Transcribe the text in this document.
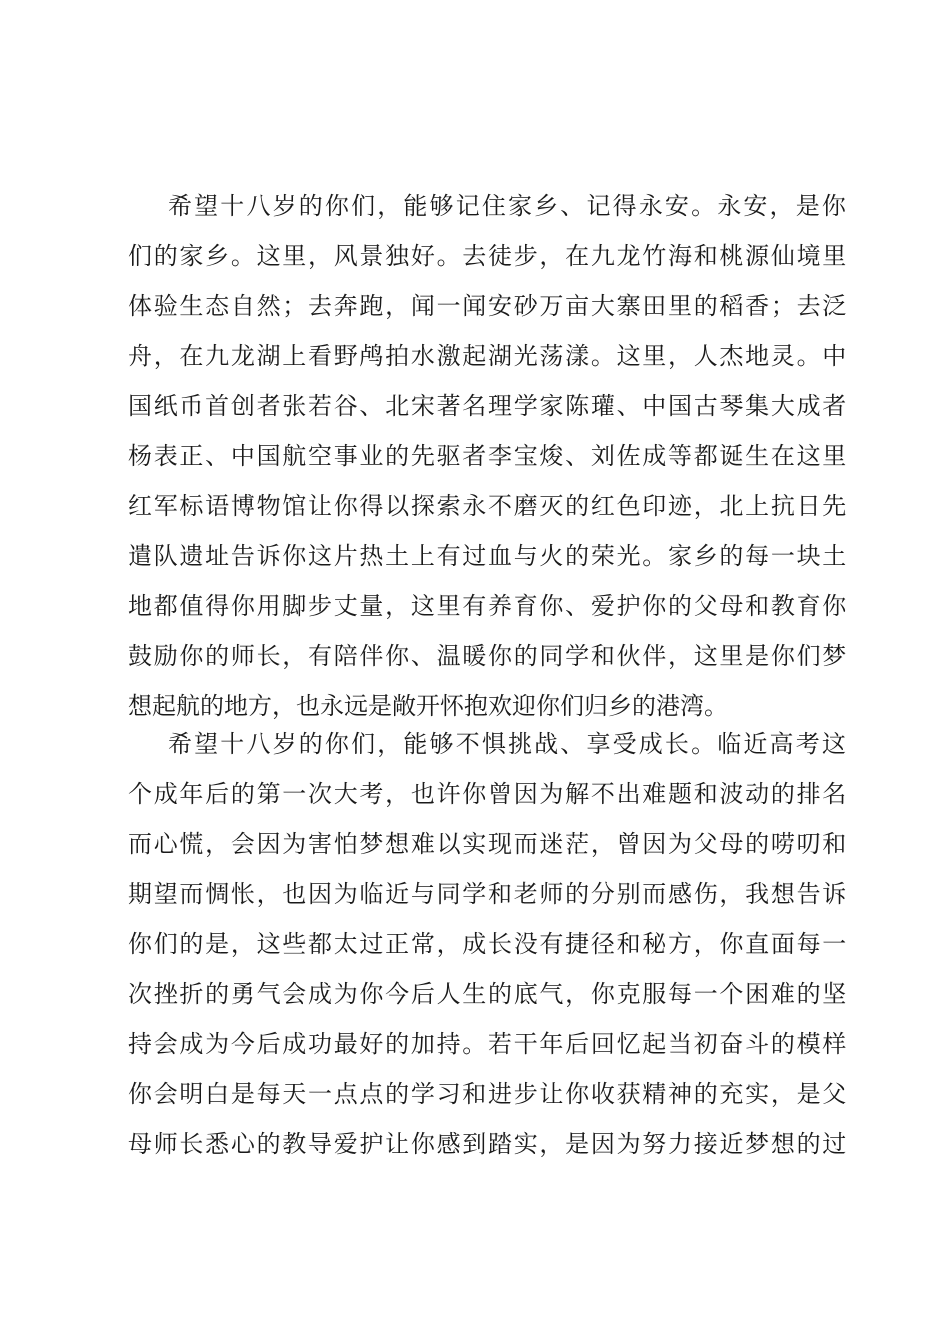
希望十八岁的你们，能够记住家乡、记得永安。永安，是你
们的家乡。这里，风景独好。去徒步，在九龙竹海和桃源仙境里
体验生态自然；去奔跑，闻一闻安砂万亩大寨田里的稻香；去泛
舟，在九龙湖上看野鸬拍水激起湖光荡漾。这里，人杰地灵。中
国纸币首创者张若谷、北宋著名理学家陈瓘、中国古琴集大成者
杨表正、中国航空事业的先驱者李宝焌、刘佐成等都诞生在这里
红军标语博物馆让你得以探索永不磨灭的红色印迹，北上抗日先
遣队遗址告诉你这片热土上有过血与火的荣光。家乡的每一块土
地都值得你用脚步丈量，这里有养育你、爱护你的父母和教育你
鼓励你的师长，有陪伴你、温暖你的同学和伙伴，这里是你们梦
想起航的地方，也永远是敞开怀抱欢迎你们归乡的港湾。
希望十八岁的你们，能够不惧挑战、享受成长。临近高考这
个成年后的第一次大考，也许你曾因为解不出难题和波动的排名
而心慌，会因为害怕梦想难以实现而迷茫，曾因为父母的唠叨和
期望而惆怅，也因为临近与同学和老师的分别而感伤，我想告诉
你们的是，这些都太过正常，成长没有捷径和秘方，你直面每一
次挫折的勇气会成为你今后人生的底气，你克服每一个困难的坚
持会成为今后成功最好的加持。若干年后回忆起当初奋斗的模样
你会明白是每天一点点的学习和进步让你收获精神的充实，是父
母师长悉心的教导爱护让你感到踏实，是因为努力接近梦想的过
